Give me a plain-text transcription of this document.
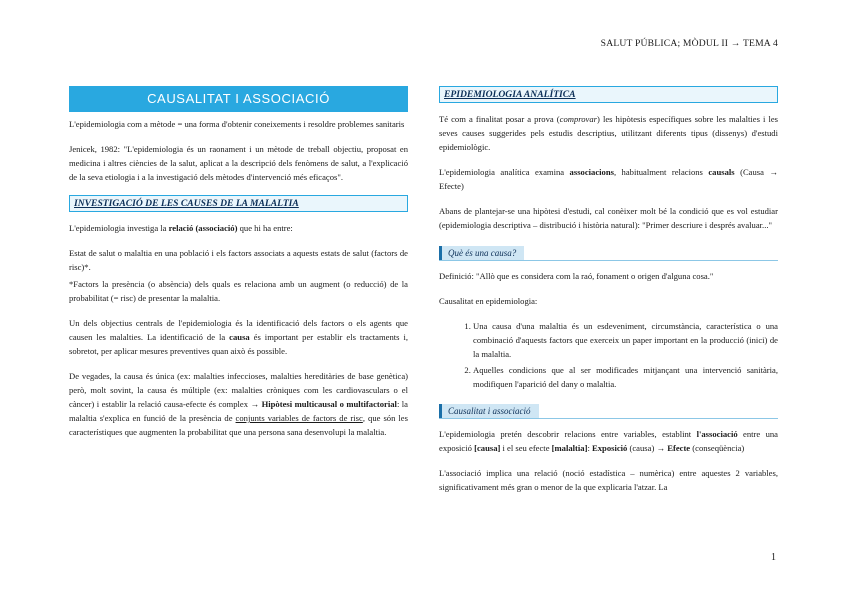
SALUT PÚBLICA; MÒDUL II → TEMA 4
CAUSALITAT I ASSOCIACIÓ

L'epidemiologia com a mètode = una forma d'obtenir coneixements i resoldre problemes sanitaris

Jenicek, 1982: "L'epidemiologia és un raonament i un mètode de treball objectiu, proposat en medicina i altres ciències de la salut, aplicat a la descripció dels fenòmens de salut, a l'explicació de la seva etiologia i a la investigació dels mètodes d'intervenció més eficaços".

INVESTIGACIÓ DE LES CAUSES DE LA MALALTIA

L'epidemiologia investiga la relació (associació) que hi ha entre:

Estat de salut o malaltia en una població i els factors associats a aquests estats de salut (factors de risc)*.

*Factors la presència (o absència) dels quals es relaciona amb un augment (o reducció) de la probabilitat (= risc) de presentar la malaltia.

Un dels objectius centrals de l'epidemiologia és la identificació dels factors o els agents que causen les malalties. La identificació de la causa és important per establir els tractaments i, sobretot, per aplicar mesures preventives quan això és possible.

De vegades, la causa és única (ex: malalties infeccioses, malalties hereditàries de base genètica) però, molt sovint, la causa és múltiple (ex: malalties cròniques com les cardiovasculars o el càncer) i establir la relació causa-efecte és complex → Hipòtesi multicausal o multifactorial: la malaltia s'explica en funció de la presència de conjunts variables de factors de risc, que són les característiques que augmenten la probabilitat que una persona sana desenvolupi la malaltia.

EPIDEMIOLOGIA ANALÍTICA

Té com a finalitat posar a prova (comprovar) les hipòtesis específiques sobre les malalties i les seves causes suggerides pels estudis descriptius, utilitzant diferents tipus (dissenys) d'estudi epidemiològic.

L'epidemiologia analítica examina associacions, habitualment relacions causals (Causa → Efecte)

Abans de plantejar-se una hipòtesi d'estudi, cal conèixer molt bé la condició que es vol estudiar (epidemiologia descriptiva – distribució i història natural): "Primer descriure i després avaluar..."

Què és una causa?

Definició: "Allò que es considera com la raó, fonament o origen d'alguna cosa."

Causalitat en epidemiologia:

1. Una causa d'una malaltia és un esdeveniment, circumstància, característica o una combinació d'aquests factors que exerceix un paper important en la producció (inici) de la malaltia.
2. Aquelles condicions que al ser modificades mitjançant una intervenció sanitària, modifiquen l'aparició del dany o malaltia.
Causalitat i associació

L'epidemiologia pretén descobrir relacions entre variables, establint l'associació entre una exposició [causa] i el seu efecte [malaltia]: Exposició (causa) → Efecte (conseqüència)

L'associació implica una relació (noció estadística – numèrica) entre aquestes 2 variables, significativament més gran o menor de la que explicaria l'atzar. La

1
